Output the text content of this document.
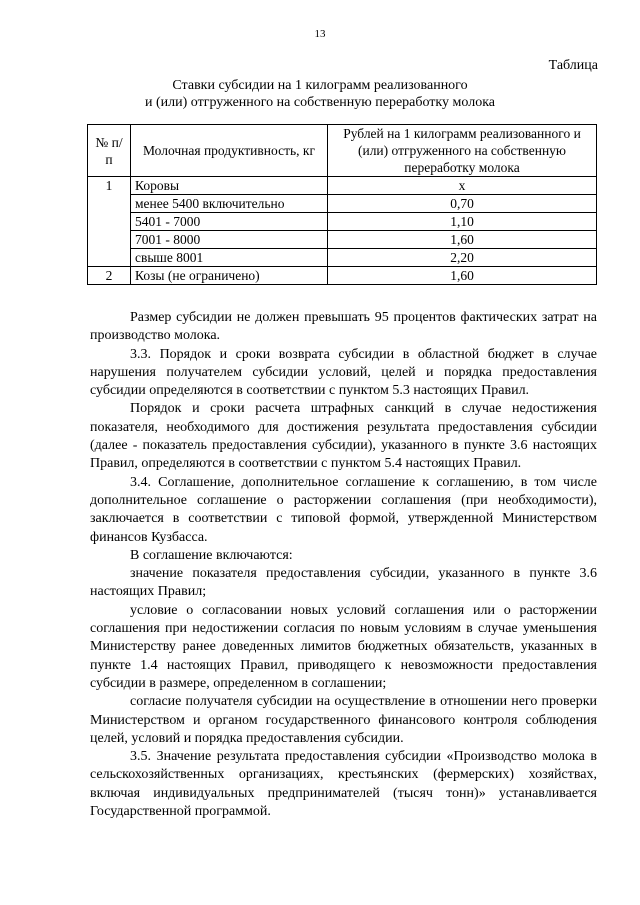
13
Таблица
Ставки субсидии на 1 килограмм реализованного
и (или) отгруженного на собственную переработку молока
№ п/п	Молочная продуктивность, кг	Рублей на 1 килограмм реализованного и (или) отгруженного на собственную переработку молока
1	Коровы	х
	менее 5400 включительно	0,70
	5401 - 7000	1,10
	7001 - 8000	1,60
	свыше 8001	2,20
2	Козы (не ограничено)	1,60

Размер субсидии не должен превышать 95 процентов фактических затрат на производство молока.

3.3. Порядок и сроки возврата субсидии в областной бюджет в случае нарушения получателем субсидии условий, целей и порядка предоставления субсидии определяются в соответствии с пунктом 5.3 настоящих Правил.

Порядок и сроки расчета штрафных санкций в случае недостижения показателя, необходимого для достижения результата предоставления субсидии (далее - показатель предоставления субсидии), указанного в пункте 3.6 настоящих Правил, определяются в соответствии с пунктом 5.4 настоящих Правил.

3.4. Соглашение, дополнительное соглашение к соглашению, в том числе дополнительное соглашение о расторжении соглашения (при необходимости), заключается в соответствии с типовой формой, утвержденной Министерством финансов Кузбасса.

В соглашение включаются:

значение показателя предоставления субсидии, указанного в пункте 3.6 настоящих Правил;

условие о согласовании новых условий соглашения или о расторжении соглашения при недостижении согласия по новым условиям в случае уменьшения Министерству ранее доведенных лимитов бюджетных обязательств, указанных в пункте 1.4 настоящих Правил, приводящего к невозможности предоставления субсидии в размере, определенном в соглашении;

согласие получателя субсидии на осуществление в отношении него проверки Министерством и органом государственного финансового контроля соблюдения целей, условий и порядка предоставления субсидии.

3.5. Значение результата предоставления субсидии «Производство молока в сельскохозяйственных организациях, крестьянских (фермерских) хозяйствах, включая индивидуальных предпринимателей (тысяч тонн)» устанавливается Государственной программой.
